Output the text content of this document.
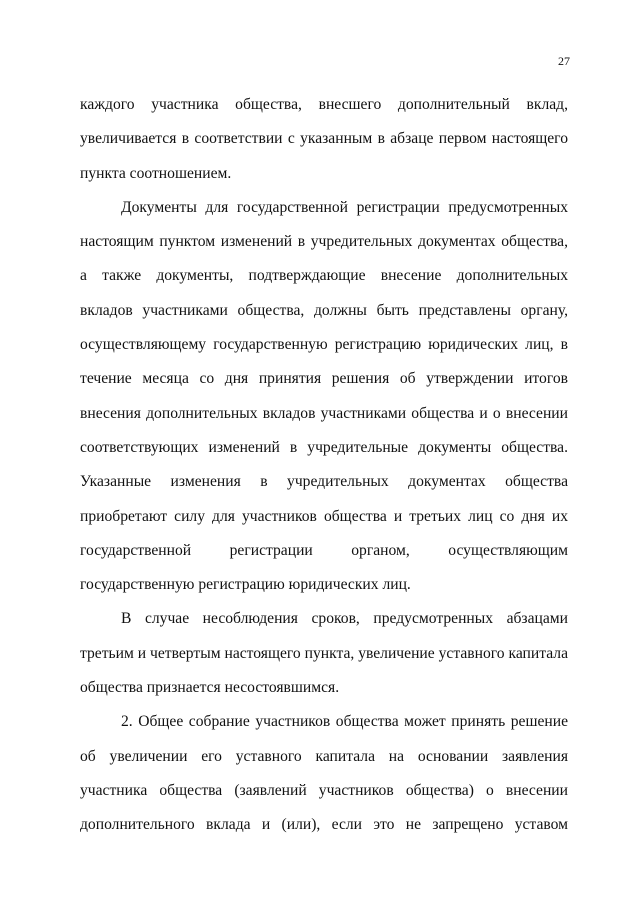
27

каждого участника общества, внесшего дополнительный вклад, увеличивается в соответствии с указанным в абзаце первом настоящего
пункта соотношением.

Документы для государственной регистрации предусмотренных настоящим пунктом изменений в учредительных документах общества, а также документы, подтверждающие внесение дополнительных вкладов участниками общества, должны быть представлены органу, осуществляющему государственную регистрацию юридических лиц, в течение месяца со дня принятия решения об утверждении итогов внесения дополнительных вкладов участниками общества и о внесении соответствующих изменений в учредительные документы общества. Указанные изменения в учредительных документах общества приобретают силу для участников общества и третьих лиц со дня их государственной регистрации органом, осуществляющим
государственную регистрацию юридических лиц.

В случае несоблюдения сроков, предусмотренных абзацами третьим и четвертым настоящего пункта, увеличение уставного капитала
общества признается несостоявшимся.

2. Общее собрание участников общества может принять решение об увеличении его уставного капитала на основании заявления участника общества (заявлений участников общества) о внесении дополнительного вклада и (или), если это не запрещено уставом
